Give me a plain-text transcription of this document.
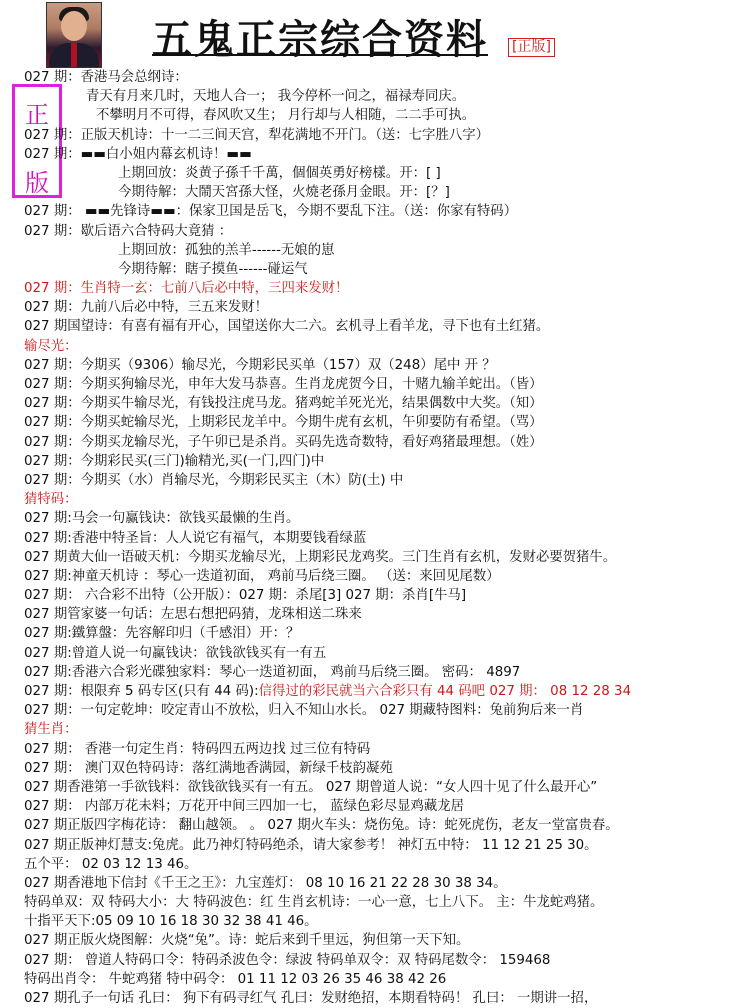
五鬼正宗综合资料 [正版]
正
版
027 期：香港马会总纲诗：
青天有月来几时，天地人合一； 我今停杯一问之，福禄寿同庆。
不攀明月不可得，春风吹又生； 月行却与人相随，二二手可执。
027 期：正版天机诗：十一二三间天宫，犁花满地不开门。（送：七字胜八字）
027 期：▬▬白小姐内幕玄机诗！▬▬
上期回放：炎黄子孫千千萬，個個英勇好榜樣。开：[ ]
今期待解：大鬧天宮孫大怪，火燒老孫月金眼。开：[？]
027 期： ▬▬先锋诗▬▬：保家卫国是岳飞，今期不要乱下注。（送：你家有特码）
027 期：歇后语六合特码大竟猜 ：
上期回放：孤独的羔羊------无娘的崽
今期待解：瞎子摸鱼------碰运气
027 期：生肖特一玄：七前八后必中特，三四来发财！
027 期：九前八后必中特，三五来发财！
027 期国望诗：有喜有福有开心，国望送你大二六。玄机寻上看羊龙，寻下也有土红猪。
输尽光：
027 期：今期买（9306）输尽光，今期彩民买单（157）双（248）尾中 开 ？
027 期：今期买狗输尽光，申年大发马恭喜。生肖龙虎贺今日，十赌九输羊蛇出。（皆）
027 期：今期买牛输尽光，有钱投注虎马龙。猪鸡蛇羊死光光，结果偶数中大奖。（知）
027 期：今期买蛇输尽光，上期彩民龙羊中。今期牛虎有玄机，午卯要防有希望。（骂）
027 期：今期买龙输尽光，子午卯已是杀肖。买码先选奇数特，看好鸡猪最理想。（姓）
027 期：今期彩民买(三门)输精光,买(一门,四门)中
027 期：今期买（水）肖输尽光，今期彩民买主（木）防(土) 中
猜特码：
027 期:马会一句赢钱诀：欲钱买最懒的生肖。
027 期:香港中特圣旨：人人说它有福气，本期要钱看绿蓝
027 期黄大仙一语破天机：今期买龙输尽光，上期彩民龙鸡奖。三门生肖有玄机，发财必要贺猪牛。
027 期:神童天机诗 ：琴心一迭道初面， 鸡前马后绕三圈。 （送：来回见尾数）
027 期： 六合彩不出特（公开版）：027 期：杀尾[3] 027 期：杀肖[牛马]
027 期管家婆一句话：左思右想把码猜，龙珠相送二珠来
027 期:鐵算盤：先容解印归（千感泪）开：？
027 期:曾道人说一句赢钱诀：欲钱欲钱买有一有五
027 期:香港六合彩光碟独家料：琴心一迭道初面， 鸡前马后绕三圈。 密码： 4897
027 期：根限弃 5 码专区(只有 44 码):信得过的彩民就当六合彩只有 44 码吧 027 期： 08 12 28 34
027 期：一句定乾坤：咬定青山不放松，归入不知山水长。 027 期藏特图料：兔前狗后来一肖
猜生肖：
027 期： 香港一句定生肖：特码四五两边找 过三位有特码
027 期： 澳门双色特码诗：落红满地香满园，新绿千枝韵凝苑
027 期香港第一手欲钱料：欲钱欲钱买有一有五。 027 期曾道人说：“女人四十见了什么最开心”
027 期： 内部万花未料；万花开中间三四加一七， 蓝绿色彩尽显鸡藏龙居
027 期正版四字梅花诗： 翻山越领。 。 027 期火车头：烧伤兔。诗：蛇死虎伤，老友一堂富贵春。
027 期正版神灯慧支:兔虎。此乃神灯特码绝杀，请大家参考！ 神灯五中特： 11 12 21 25 30。
五个平： 02 03 12 13 46。
027 期香港地下信封《千王之王》：九宝莲灯： 08 10 16 21 22 28 30 38 34。
特码单双：双 特码大小：大 特码波色：红 生肖玄机诗：一心一意，七上八下。 主：牛龙蛇鸡猪。
十指平天下:05 09 10 16 18 30 32 38 41 46。
027 期正版火烧图解：火烧“兔”。诗：蛇后来到千里远，狗但第一天下知。
027 期： 曾道人特码口令：特码杀波色令：绿波 特码单双令：双 特码尾数令： 159468
特码出肖令： 牛蛇鸡猪 特中码令： 01 11 12 03 26 35 46 38 42 26
027 期孔子一句话 孔曰： 狗下有码寻红气 孔曰：发财绝招，本期看特码！ 孔曰： 一期讲一招，
